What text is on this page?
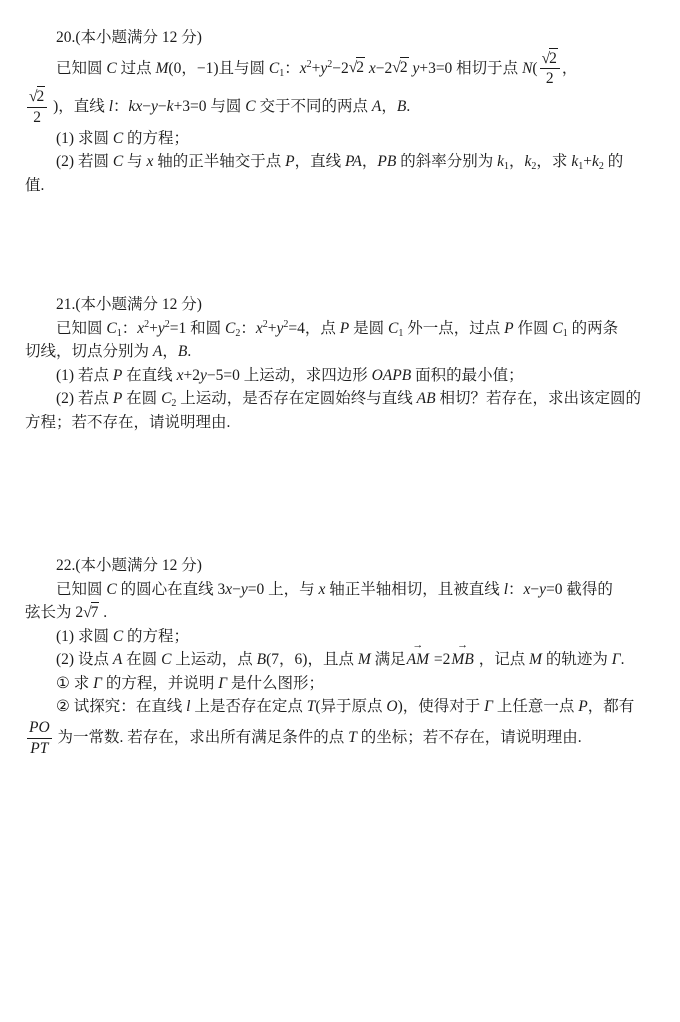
20.(本小题满分 12 分)
已知圆 C 过点 M(0，−1)且与圆 $C_1$：$x^2+y^2-2√2$ x−2√2 y+3=0 相切于点 $N( \frac{√2}{2}$ ，
$\frac{√2}{2}$ )，直线 l：kx−y−k+3=0 与圆 C 交于不同的两点 A，B.
(1) 求圆 C 的方程；
(2) 若圆 C 与 x 轴的正半轴交于点 P，直线 PA，PB 的斜率分别为 $k_1$，$k_2$，求 $k_1+k_2$ 的
值.
21.(本小题满分 12 分)
已知圆 $C_1$：$x^2+y^2=1$ 和圆 $C_2$：$x^2+y^2=4$，点 P 是圆 $C_1$ 外一点，过点 P 作圆 $C_1$ 的两条
切线，切点分别为 A，B.
(1) 若点 P 在直线 x+2y−5=0 上运动，求四边形 OAPB 面积的最小值；
(2) 若点 P 在圆 $C_2$ 上运动，是否存在定圆始终与直线 AB 相切？若存在，求出该定圆的
方程；若不存在，请说明理由.
22.(本小题满分 12 分)
已知圆 C 的圆心在直线 3x−y=0 上，与 x 轴正半轴相切，且被直线 l：x−y=0 截得的
弦长为 2√7 .
(1) 求圆 C 的方程；
(2) 设点 A 在圆 C 上运动，点 B(7，6)，且点 M 满足
→
AM =2
→
MB ，记点 M 的轨迹为 Γ.
① 求 Γ 的方程，并说明 Γ 是什么图形；
② 试探究：在直线 l 上是否存在定点 T(异于原点 O)，使得对于 Γ 上任意一点 P，都有
$\frac{PO}{PT}$ 为一常数. 若存在，求出所有满足条件的点 T 的坐标；若不存在，请说明理由.
